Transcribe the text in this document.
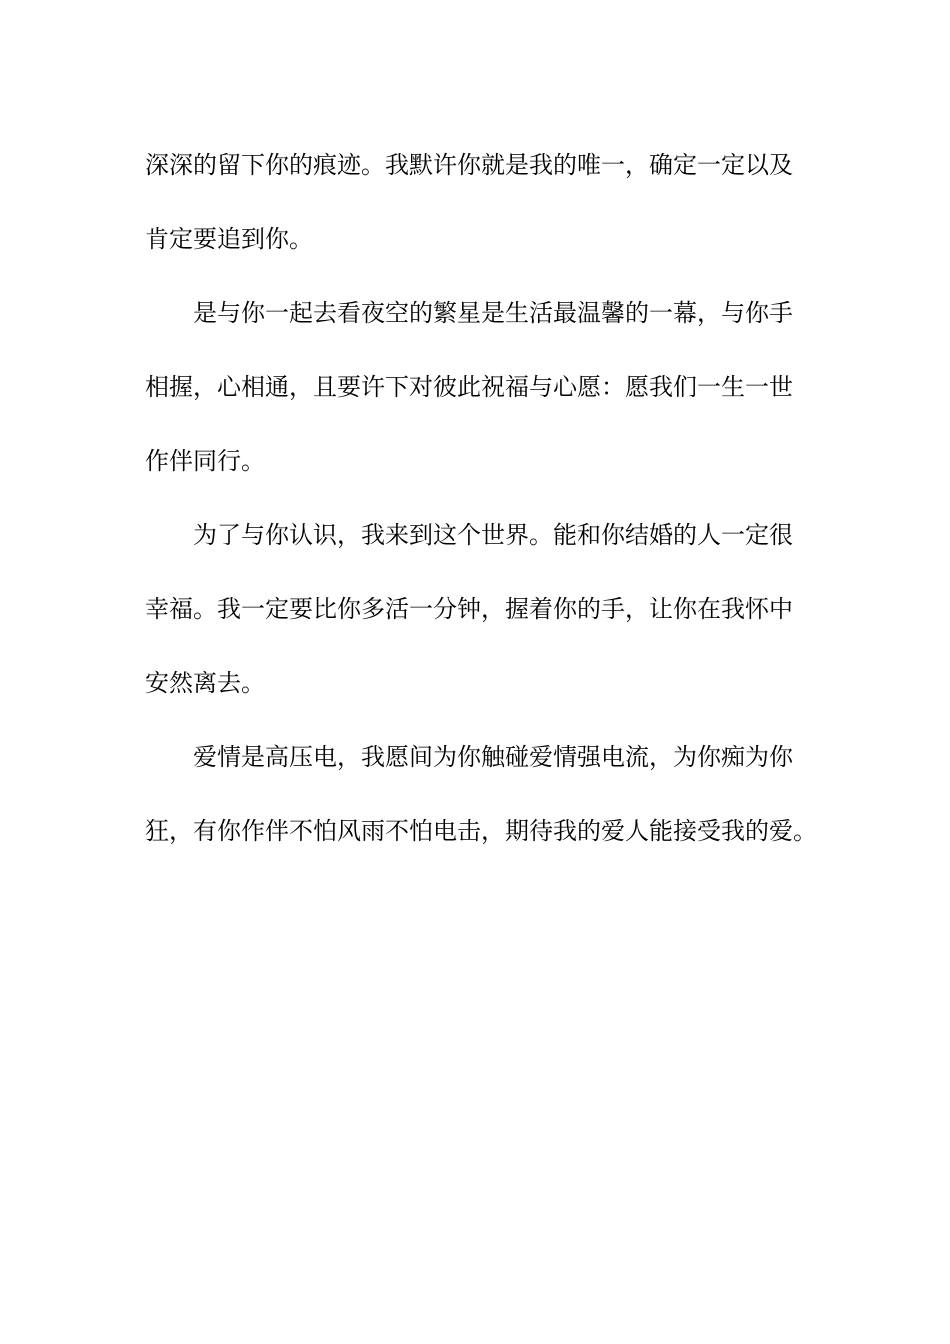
深深的留下你的痕迹。我默许你就是我的唯一，确定一定以及
肯定要追到你。

是与你一起去看夜空的繁星是生活最温馨的一幕，与你手
相握，心相通，且要许下对彼此祝福与心愿：愿我们一生一世
作伴同行。

为了与你认识，我来到这个世界。能和你结婚的人一定很
幸福。我一定要比你多活一分钟，握着你的手，让你在我怀中
安然离去。

爱情是高压电，我愿间为你触碰爱情强电流，为你痴为你
狂，有你作伴不怕风雨不怕电击，期待我的爱人能接受我的爱。
